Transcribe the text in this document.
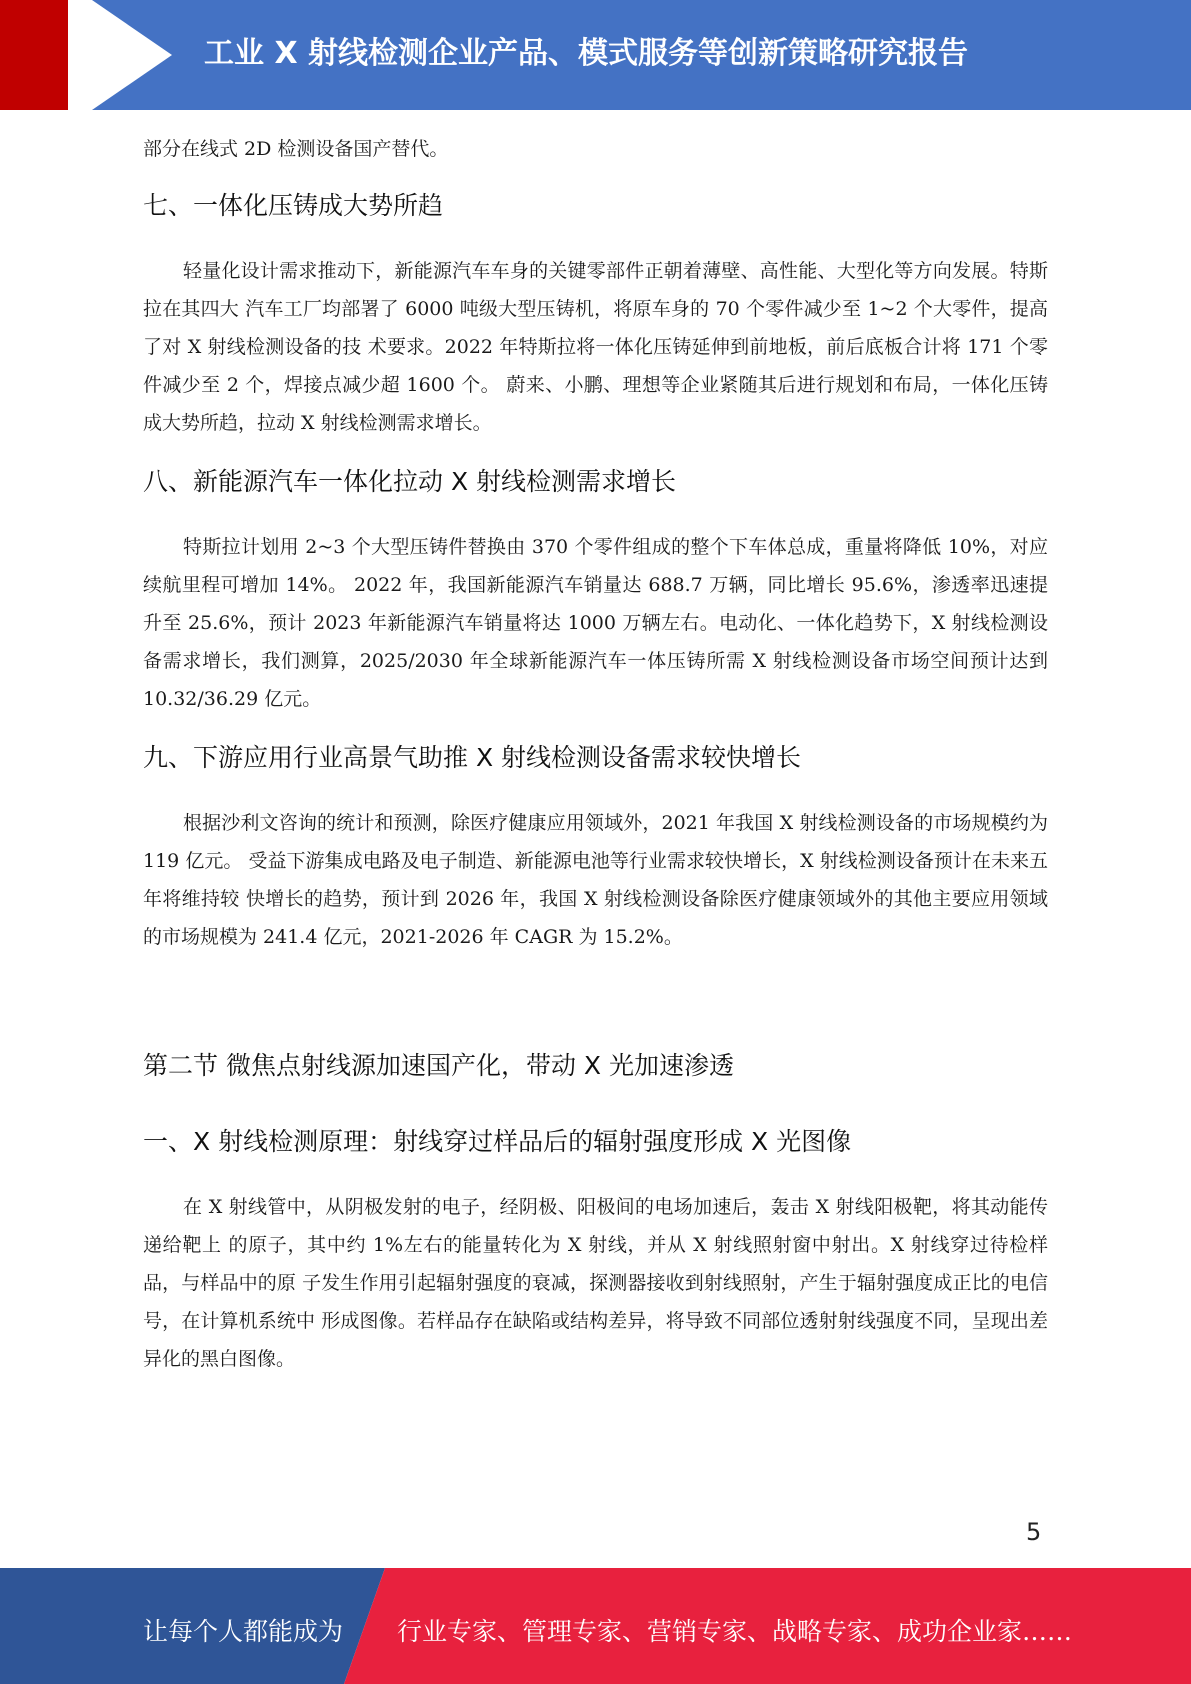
工业 X 射线检测企业产品、模式服务等创新策略研究报告

部分在线式 2D 检测设备国产替代。

七、一体化压铸成大势所趋

轻量化设计需求推动下，新能源汽车车身的关键零部件正朝着薄壁、高性能、大型化等方向发展。特斯拉在其四大 汽车工厂均部署了 6000 吨级大型压铸机，将原车身的 70 个零件减少至 1~2 个大零件，提高了对 X 射线检测设备的技 术要求。2022 年特斯拉将一体化压铸延伸到前地板，前后底板合计将 171 个零件减少至 2 个，焊接点减少超 1600 个。 蔚来、小鹏、理想等企业紧随其后进行规划和布局，一体化压铸成大势所趋，拉动 X 射线检测需求增长。

八、新能源汽车一体化拉动 X 射线检测需求增长

特斯拉计划用 2~3 个大型压铸件替换由 370 个零件组成的整个下车体总成，重量将降低 10%，对应续航里程可增加 14%。 2022 年，我国新能源汽车销量达 688.7 万辆，同比增长 95.6%，渗透率迅速提升至 25.6%，预计 2023 年新能源汽车销量将达 1000 万辆左右。电动化、一体化趋势下，X 射线检测设备需求增长，我们测算，2025/2030 年全球新能源汽车一体压铸所需 X 射线检测设备市场空间预计达到 10.32/36.29 亿元。

九、下游应用行业高景气助推 X 射线检测设备需求较快增长

根据沙利文咨询的统计和预测，除医疗健康应用领域外，2021 年我国 X 射线检测设备的市场规模约为 119 亿元。 受益下游集成电路及电子制造、新能源电池等行业需求较快增长，X 射线检测设备预计在未来五年将维持较 快增长的趋势，预计到 2026 年，我国 X 射线检测设备除医疗健康领域外的其他主要应用领域的市场规模为 241.4 亿元，2021-2026 年 CAGR 为 15.2%。

第二节 微焦点射线源加速国产化，带动 X 光加速渗透
一、X 射线检测原理：射线穿过样品后的辐射强度形成 X 光图像

在 X 射线管中，从阴极发射的电子，经阴极、阳极间的电场加速后，轰击 X 射线阳极靶，将其动能传递给靶上 的原子，其中约 1%左右的能量转化为 X 射线，并从 X 射线照射窗中射出。X 射线穿过待检样品，与样品中的原 子发生作用引起辐射强度的衰减，探测器接收到射线照射，产生于辐射强度成正比的电信号，在计算机系统中 形成图像。若样品存在缺陷或结构差异，将导致不同部位透射射线强度不同，呈现出差异化的黑白图像。

5
让每个人都能成为 行业专家、管理专家、营销专家、战略专家、成功企业家……
